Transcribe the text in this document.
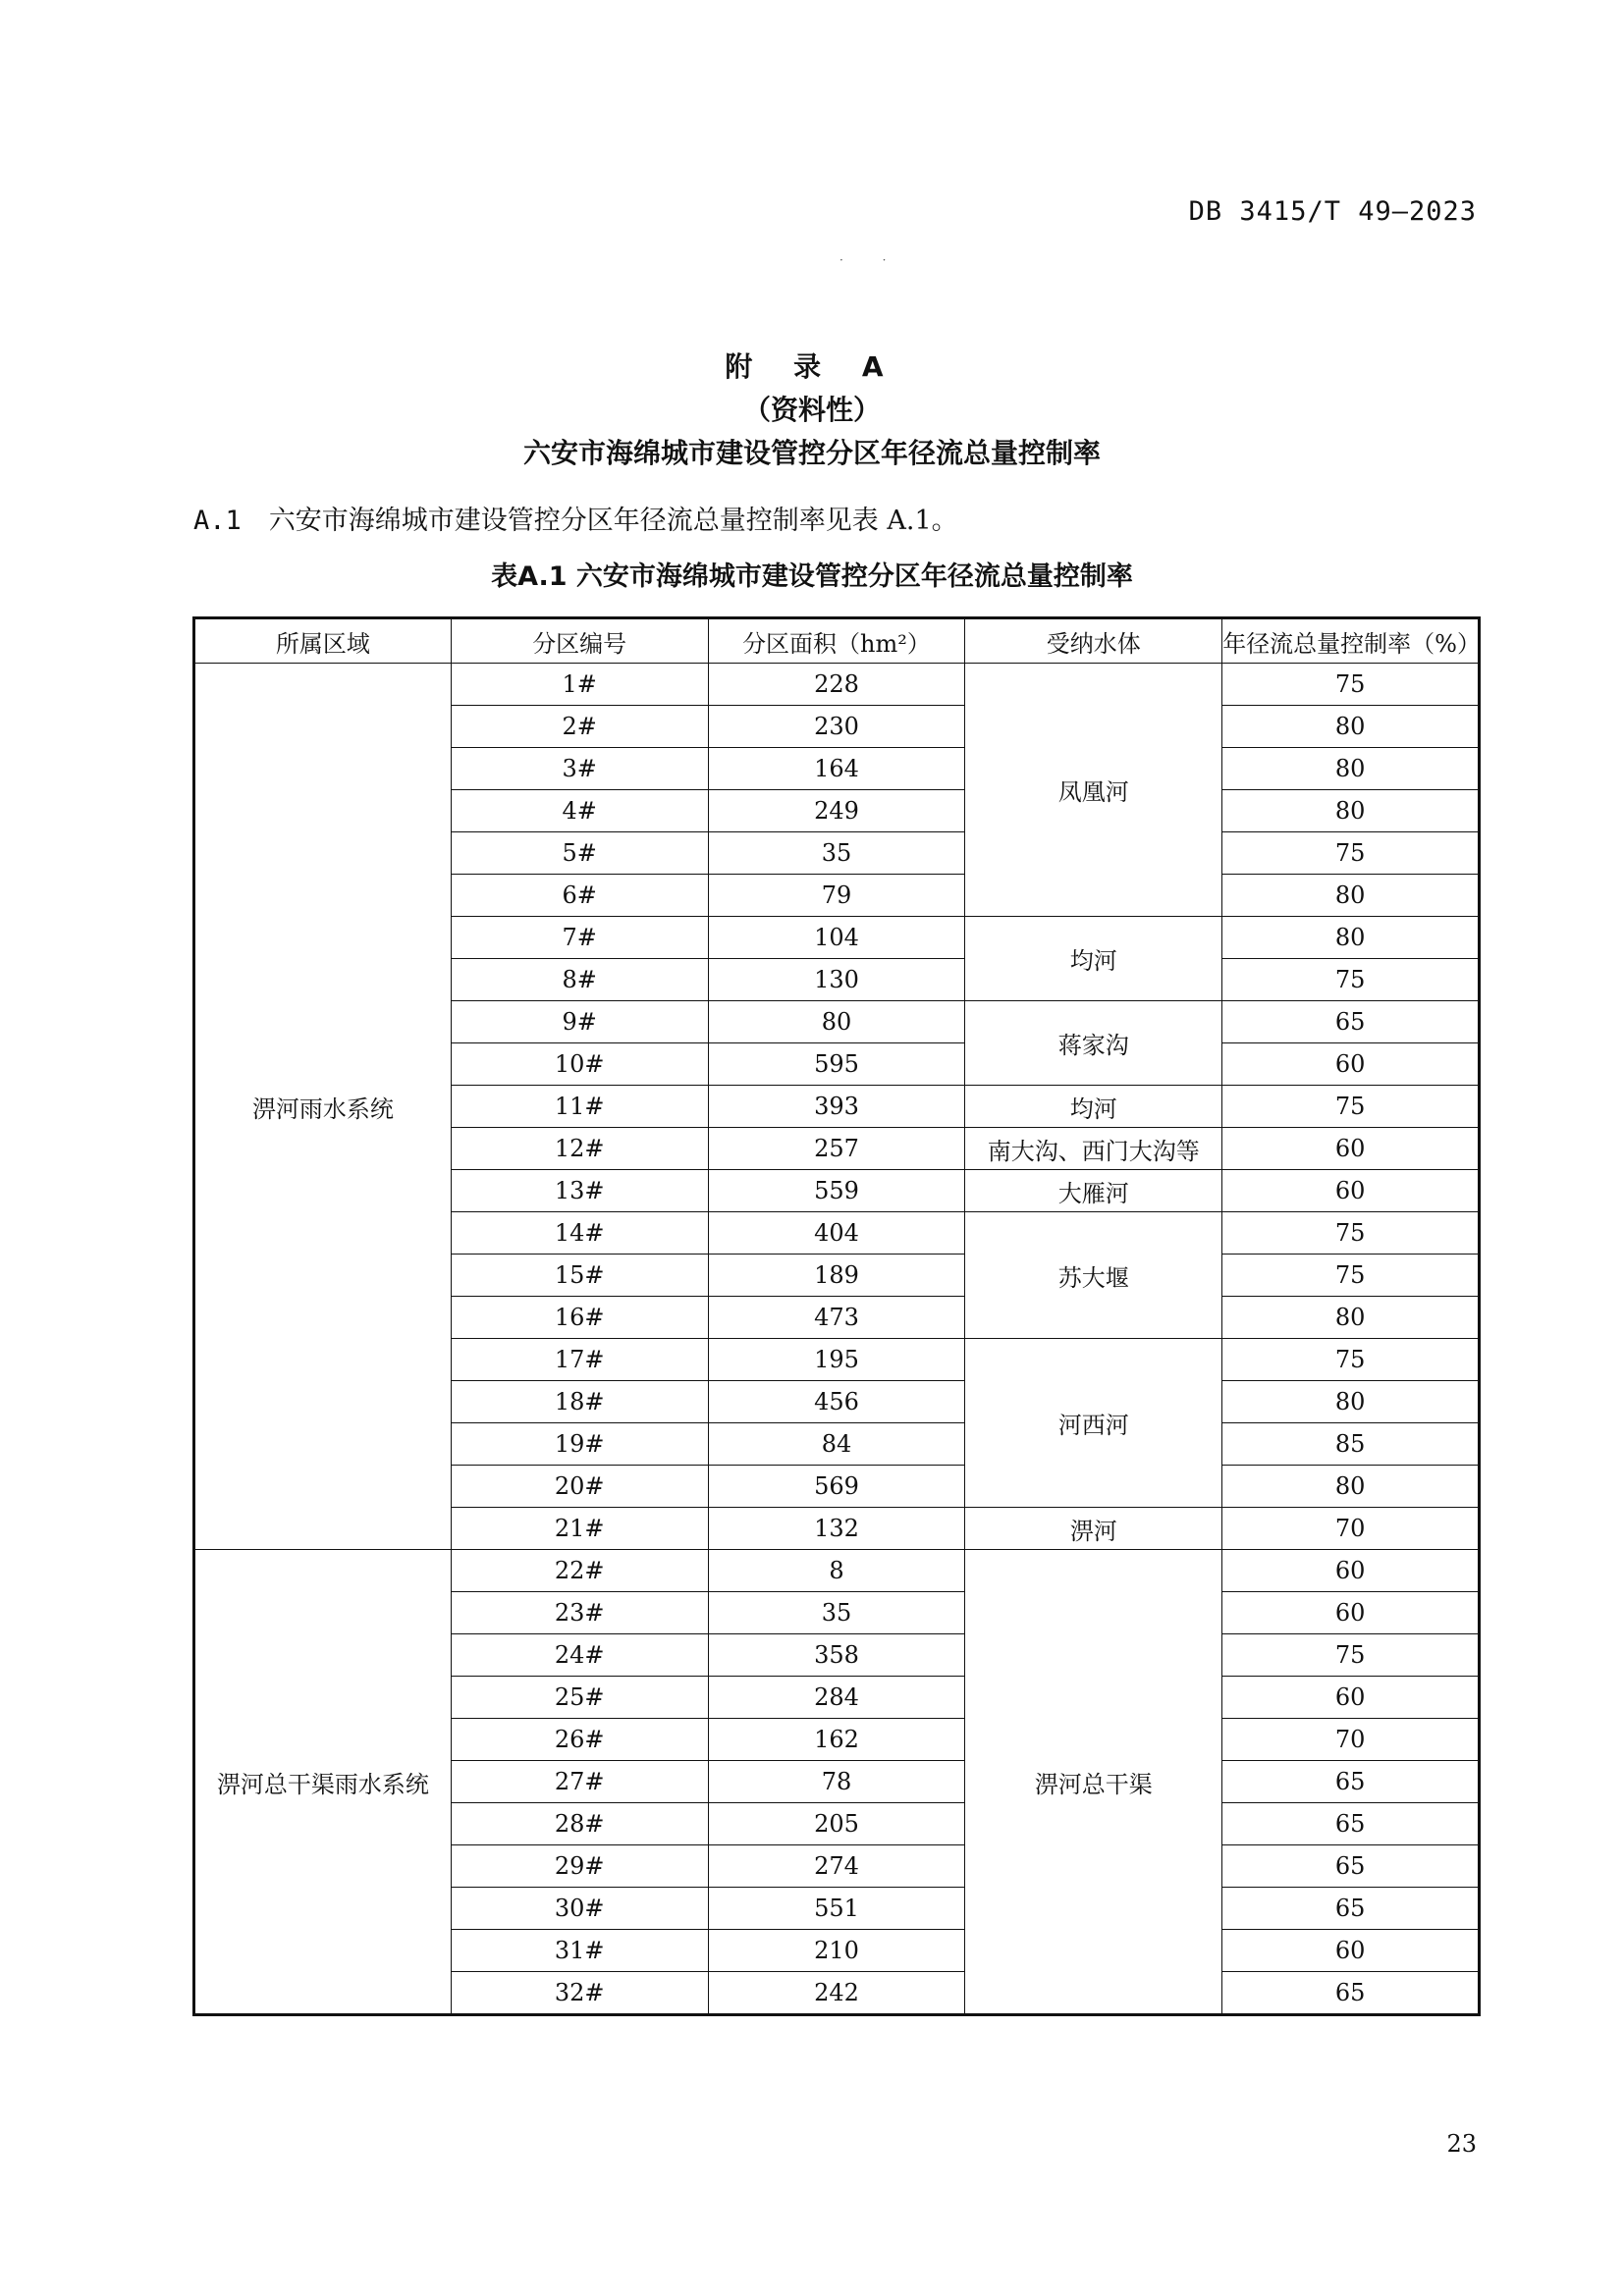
DB 3415/T 49—2023
· ·
附 录 A
（资料性）
六安市海绵城市建设管控分区年径流总量控制率
A.1 六安市海绵城市建设管控分区年径流总量控制率见表 A.1。
表A.1 六安市海绵城市建设管控分区年径流总量控制率
所属区域	分区编号	分区面积（hm²）	受纳水体	年径流总量控制率（%）
淠河雨水系统	1#	228	凤凰河	75
	2#	230		80
	3#	164		80
	4#	249		80
	5#	35		75
	6#	79		80
	7#	104	均河	80
	8#	130		75
	9#	80	蒋家沟	65
	10#	595		60
	11#	393	均河	75
	12#	257	南大沟、西门大沟等	60
	13#	559	大雁河	60
	14#	404	苏大堰	75
	15#	189		75
	16#	473		80
	17#	195	河西河	75
	18#	456		80
	19#	84		85
	20#	569		80
	21#	132	淠河	70
淠河总干渠雨水系统	22#	8	淠河总干渠	60
	23#	35		60
	24#	358		75
	25#	284		60
	26#	162		70
	27#	78		65
	28#	205		65
	29#	274		65
	30#	551		65
	31#	210		60
	32#	242		65
23
